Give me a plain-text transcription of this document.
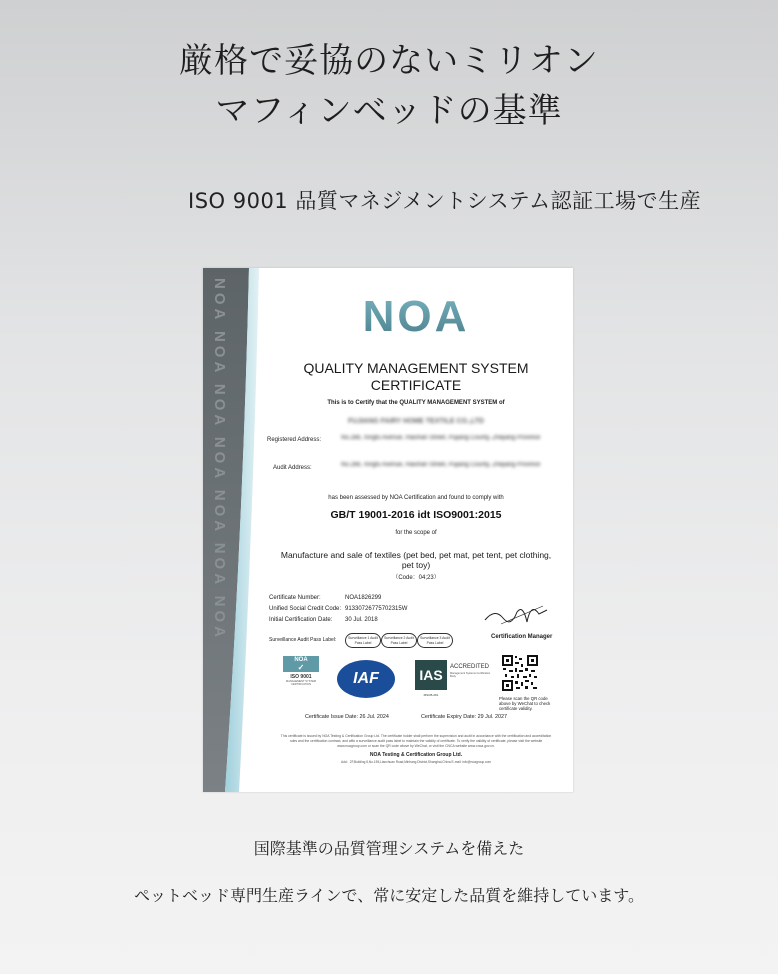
厳格で妥協のないミリオン
マフィンベッドの基準
ISO 9001 品質マネジメントシステム認証工場で生産
NOA NOA NOA NOA NOA NOA NOA	NOA
QUALITY MANAGEMENT SYSTEM
CERTIFICATE
This is to Certify that the QUALITY MANAGEMENT SYSTEM of
FUJIANG FAIRY HOME TEXTILE CO.,LTD
Registered Address:	No.288, Xingfu Avenue, Haishan Street, Pujiang County, Zhejiang Province
Audit Address:	No.288, Xingfu Avenue, Haishan Street, Pujiang County, Zhejiang Province
has been assessed by NOA Certification and found to comply with
GB/T 19001-2016 idt ISO9001:2015
for the scope of
Manufacture and sale of textiles (pet bed, pet mat, pet tent, pet clothing,
pet toy)
（Code：04;23）
Certificate Number:	NOA1826299
Unified Social Credit Code: 91330726775702315W
Initial Certification Date: 30 Jul. 2018
Certification Manager
Surveillance Audit Pass Label:	Surveillance 1 Audit Pass Label
Surveillance 2 Audit Pass Label
Surveillance 3 Audit Pass Label
NOA
✓
ISO 9001
MANAGEMENT SYSTEM CERTIFICATION	IAF	IAS	ACCREDITED
Management Systems Certification Body
MSCB-261
Please scan the QR code above by WeChat to check certificate validity.
Certificate Issue Date: 26 Jul. 2024	Certificate Expiry Date: 29 Jul. 2027
This certificate is issued by NOA Testing & Certification Group Ltd. The certificate holder shall perform the supervision and audit in accordance with the certification and accreditation rules and the certification contract, and affix a surveillance audit pass label to maintain the validity of certificate. To verify the validity of certificate, please visit the website www.noagroup.com or scan the QR code above by WeChat, or visit the CNCA website www.cnca.gov.cn.
NOA Testing & Certification Group Ltd.
Add：2F,Building 5,No.155,Lianchuan Road,Minhang District,Shanghai,China E-mail: info@noagroup.com
国際基準の品質管理システムを備えた
ペットベッド専門生産ラインで、常に安定した品質を維持しています。
